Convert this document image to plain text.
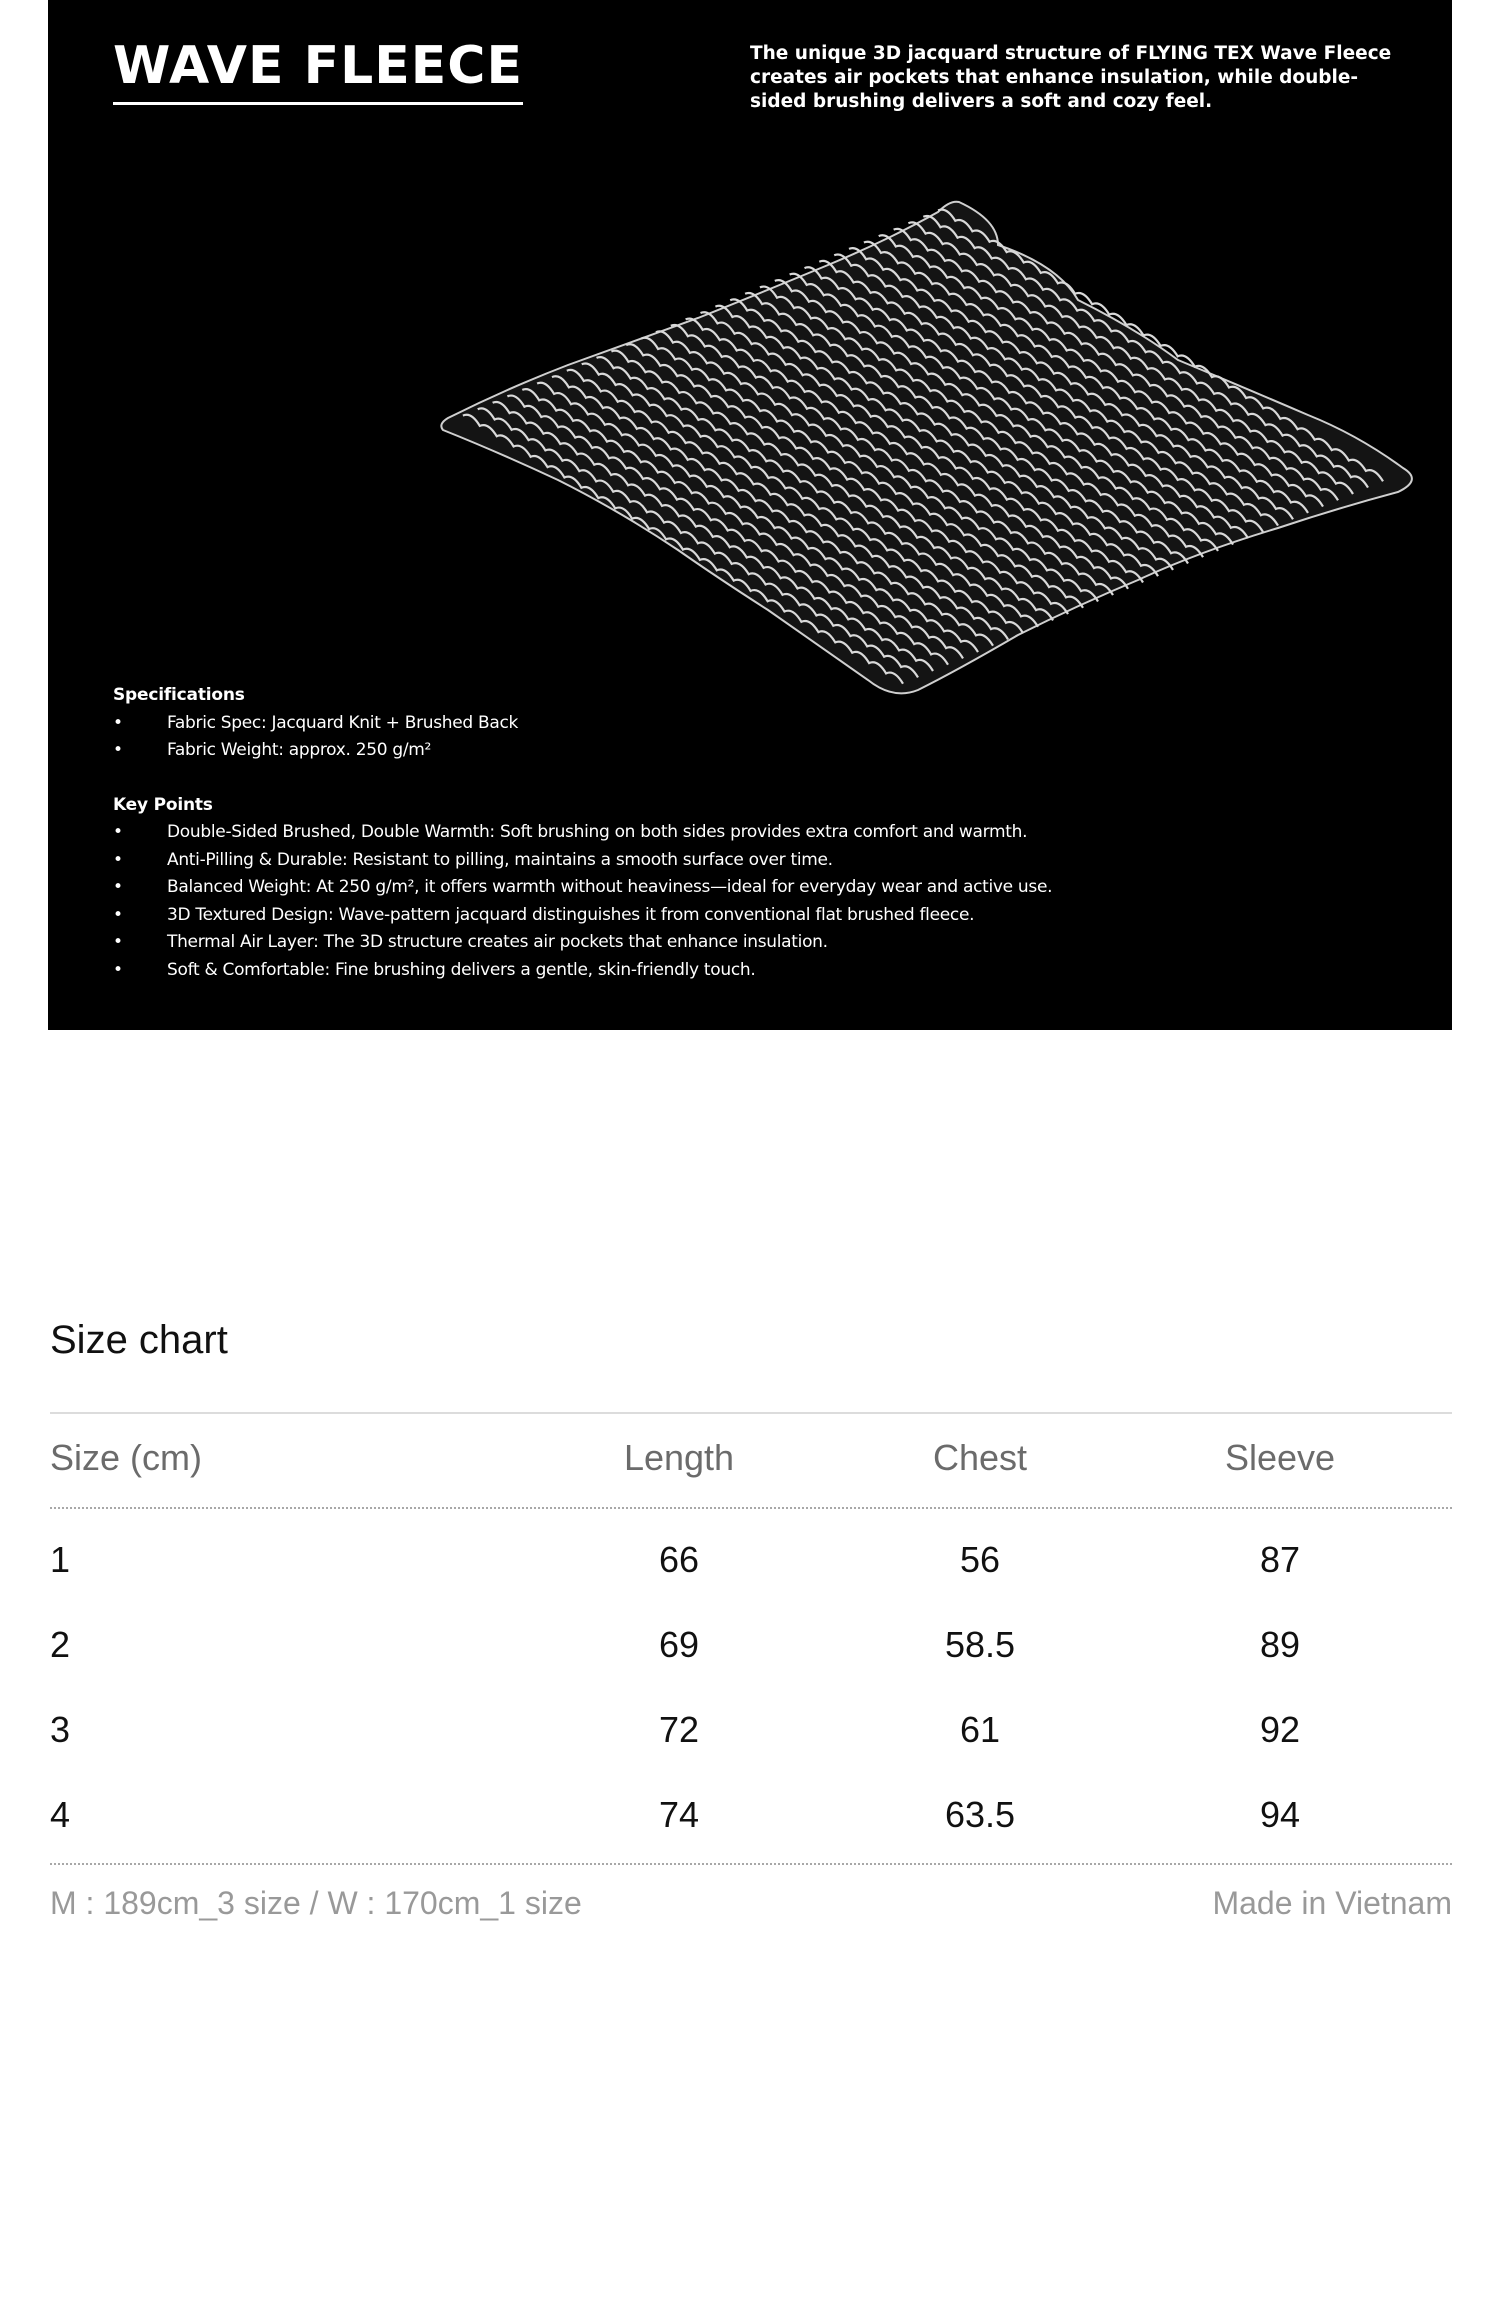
WAVE FLEECE	The unique 3D jacquard structure of FLYING TEX Wave Fleece creates air pockets that enhance insulation, while double-sided brushing delivers a soft and cozy feel.

Specifications
• Fabric Spec: Jacquard Knit + Brushed Back
• Fabric Weight: approx. 250 g/m²
Key Points
• Double-Sided Brushed, Double Warmth: Soft brushing on both sides provides extra comfort and warmth.
• Anti-Pilling & Durable: Resistant to pilling, maintains a smooth surface over time.
• Balanced Weight: At 250 g/m², it offers warmth without heaviness—ideal for everyday wear and active use.
• 3D Textured Design: Wave-pattern jacquard distinguishes it from conventional flat brushed fleece.
• Thermal Air Layer: The 3D structure creates air pockets that enhance insulation.
• Soft & Comfortable: Fine brushing delivers a gentle, skin-friendly touch.
Size chart
Size (cm)	Length	Chest	Sleeve
1	66	56	87
2	69	58.5	89
3	72	61	92
4	74	63.5	94
M : 189cm_3 size / W : 170cm_1 size	Made in Vietnam
